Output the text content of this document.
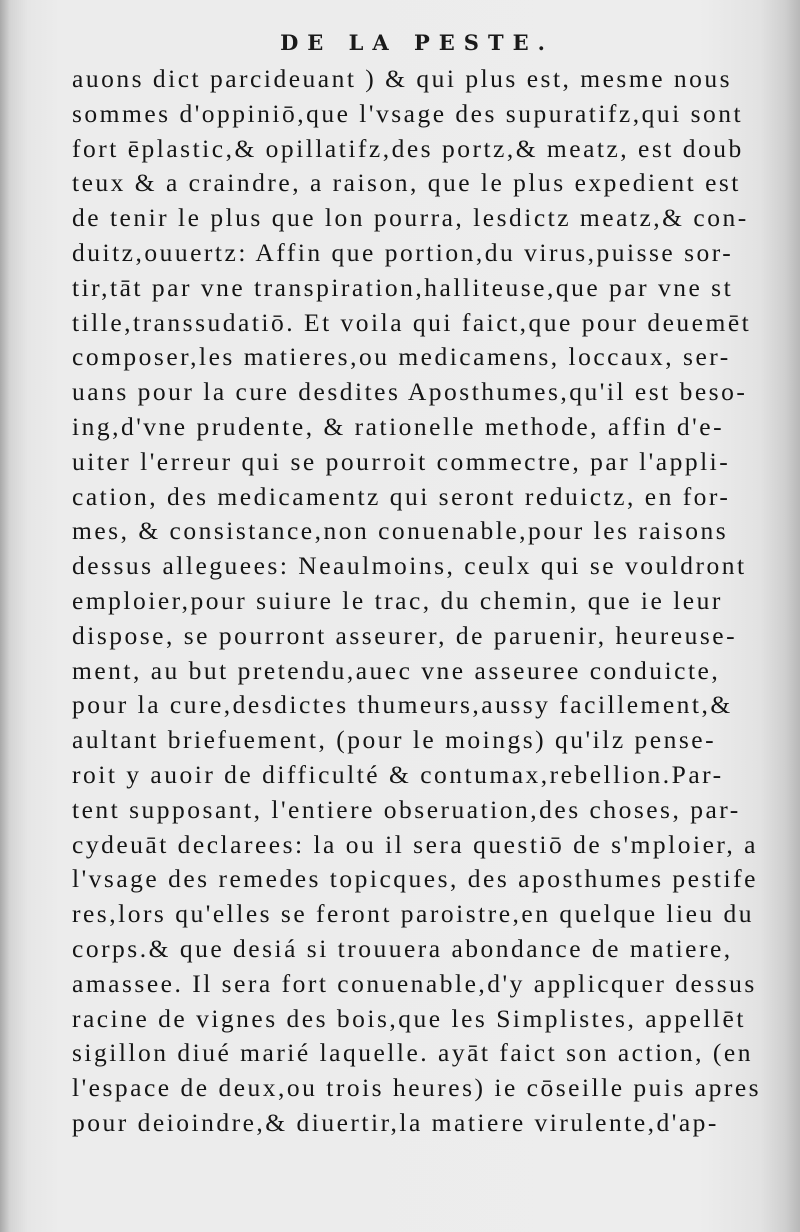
DE LA PESTE.
auons dict parcideuant ) & qui plus est, mesme nous
sommes d'oppiniō,que l'vsage des supuratifz,qui sont
fort ēplastic,& opillatifz,des portz,& meatz, est doub
teux & a craindre, a raison, que le plus expedient est
de tenir le plus que lon pourra, lesdictz meatz,& con-
duitz,ouuertz: Affin que portion,du virus,puisse sor-
tir,tāt par vne transpiration,halliteuse,que par vne st
tille,transsudatiō. Et voila qui faict,que pour deuemēt
composer,les matieres,ou medicamens, loccaux, ser-
uans pour la cure desdites Aposthumes,qu'il est beso-
ing,d'vne prudente, & rationelle methode, affin d'e-
uiter l'erreur qui se pourroit commectre, par l'appli-
cation, des medicamentz qui seront reduictz, en for-
mes, & consistance,non conuenable,pour les raisons
dessus alleguees: Neaulmoins, ceulx qui se vouldront
emploier,pour suiure le trac, du chemin, que ie leur
dispose, se pourront asseurer, de paruenir, heureuse-
ment, au but pretendu,auec vne asseuree conduicte,
pour la cure,desdictes thumeurs,aussy facillement,&
aultant briefuement, (pour le moings) qu'ilz pense-
roit y auoir de difficulté & contumax,rebellion.Par-
tent supposant, l'entiere obseruation,des choses, par-
cydeuāt declarees: la ou il sera questiō de s'mploier, a
l'vsage des remedes topicques, des aposthumes pestife
res,lors qu'elles se feront paroistre,en quelque lieu du
corps.& que desiá si trouuera abondance de matiere,
amassee. Il sera fort conuenable,d'y applicquer dessus
racine de vignes des bois,que les Simplistes, appellēt
sigillon diué marié laquelle. ayāt faict son action, (en
l'espace de deux,ou trois heures) ie cōseille puis apres
pour deioindre,& diuertir,la matiere virulente,d'ap-
